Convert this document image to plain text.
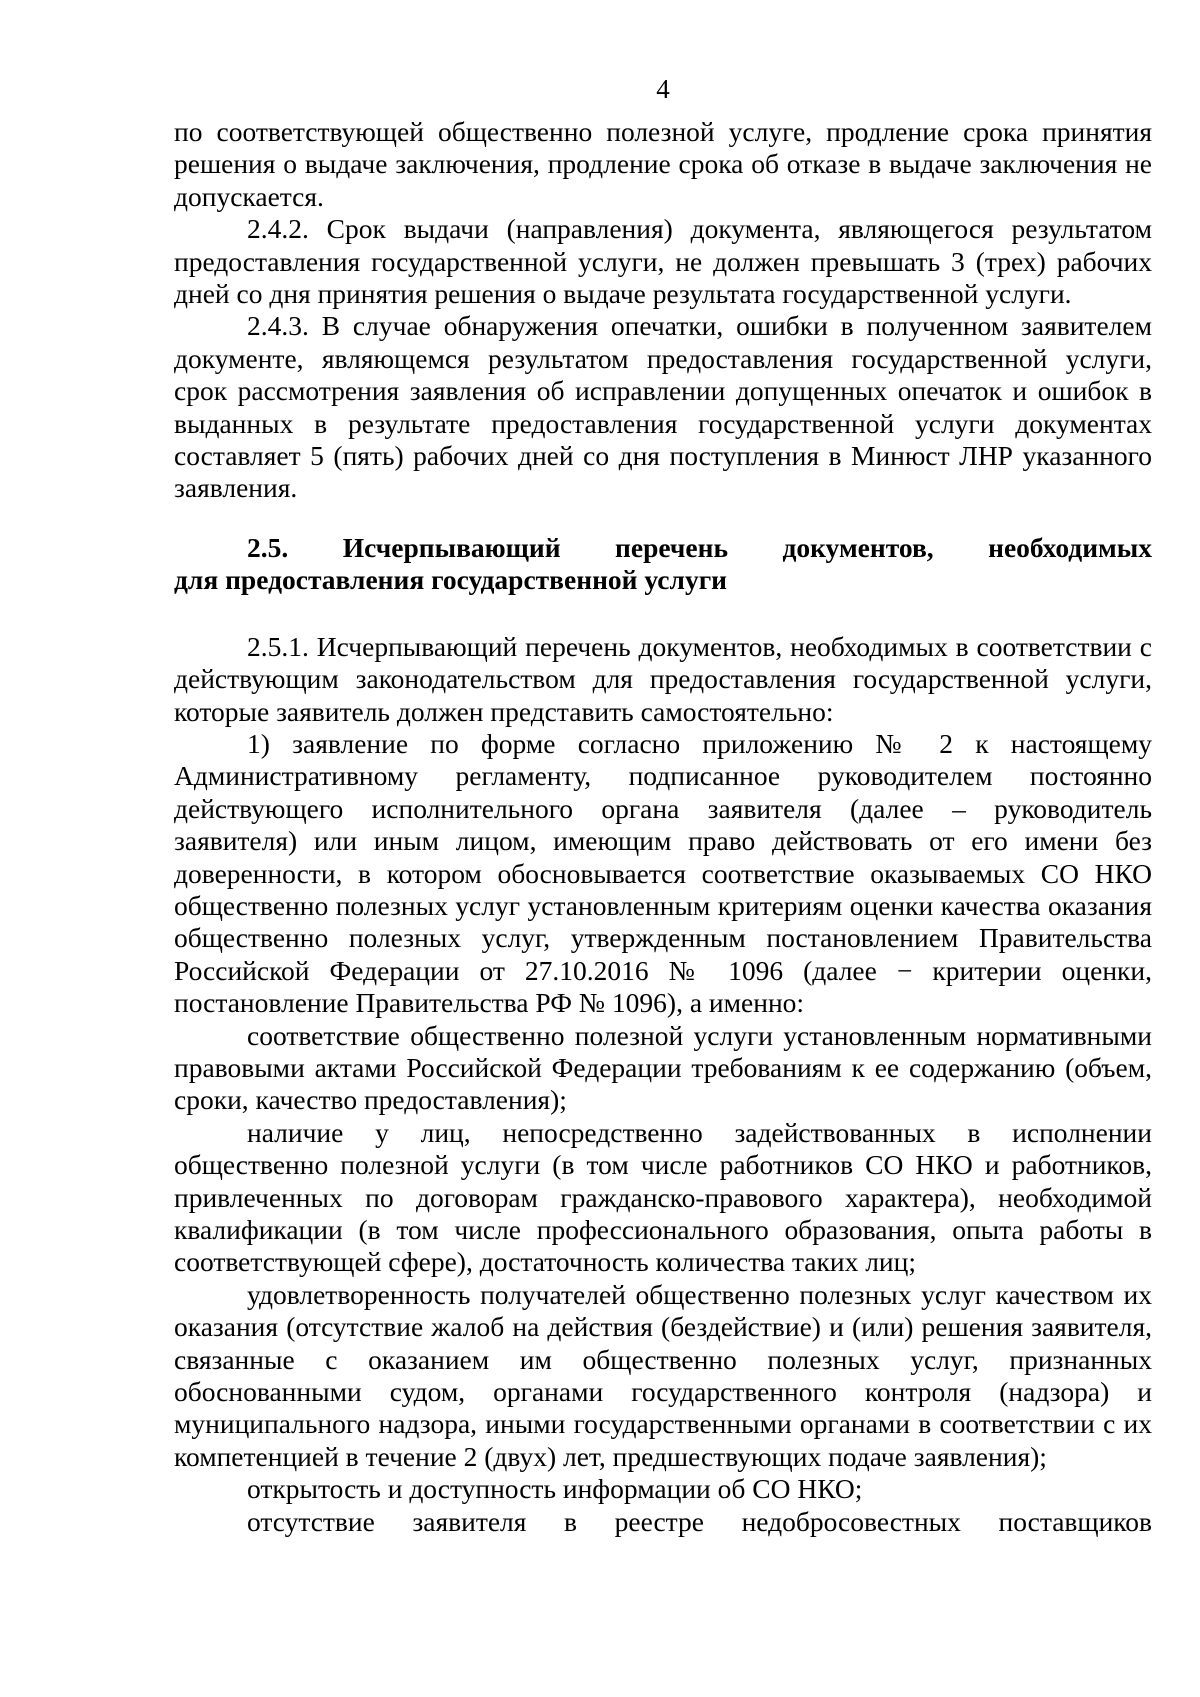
4

по соответствующей общественно полезной услуге, продление срока принятия решения о выдаче заключения, продление срока об отказе в выдаче заключения не допускается.

2.4.2. Срок выдачи (направления) документа, являющегося результатом предоставления государственной услуги, не должен превышать 3 (трех) рабочих дней со дня принятия решения о выдаче результата государственной услуги.

2.4.3. В случае обнаружения опечатки, ошибки в полученном заявителем документе, являющемся результатом предоставления государственной услуги, срок рассмотрения заявления об исправлении допущенных опечаток и ошибок в выданных в результате предоставления государственной услуги документах составляет 5 (пять) рабочих дней со дня поступления в Минюст ЛНР указанного заявления.

2.5. Исчерпывающий перечень документов, необходимых
для предоставления государственной услуги

2.5.1. Исчерпывающий перечень документов, необходимых в соответствии с действующим законодательством для предоставления государственной услуги, которые заявитель должен представить самостоятельно:

1) заявление по форме согласно приложению № 2 к настоящему Административному регламенту, подписанное руководителем постоянно действующего исполнительного органа заявителя (далее – руководитель заявителя) или иным лицом, имеющим право действовать от его имени без доверенности, в котором обосновывается соответствие оказываемых СО НКО общественно полезных услуг установленным критериям оценки качества оказания общественно полезных услуг, утвержденным постановлением Правительства Российской Федерации от 27.10.2016 № 1096 (далее − критерии оценки, постановление Правительства РФ № 1096), а именно:

соответствие общественно полезной услуги установленным нормативными правовыми актами Российской Федерации требованиям к ее содержанию (объем, сроки, качество предоставления);

наличие у лиц, непосредственно задействованных в исполнении общественно полезной услуги (в том числе работников СО НКО и работников, привлеченных по договорам гражданско-правового характера), необходимой квалификации (в том числе профессионального образования, опыта работы в соответствующей сфере), достаточность количества таких лиц;

удовлетворенность получателей общественно полезных услуг качеством их оказания (отсутствие жалоб на действия (бездействие) и (или) решения заявителя, связанные с оказанием им общественно полезных услуг, признанных обоснованными судом, органами государственного контроля (надзора) и муниципального надзора, иными государственными органами в соответствии с их компетенцией в течение 2 (двух) лет, предшествующих подаче заявления);

открытость и доступность информации об СО НКО;

отсутствие заявителя в реестре недобросовестных поставщиков
